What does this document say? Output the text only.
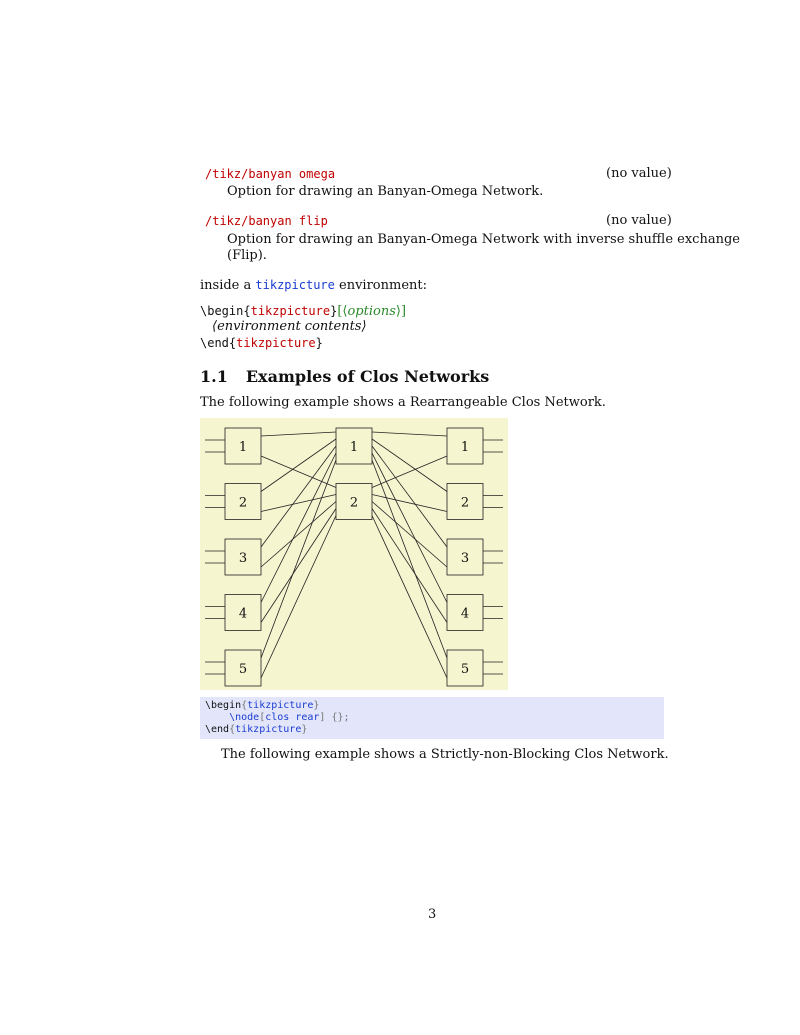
/tikz/banyan omega	(no value)
Option for drawing an Banyan-Omega Network.
/tikz/banyan flip	(no value)
Option for drawing an Banyan-Omega Network with inverse shuffle exchange
(Flip).
inside a tikzpicture environment:
\begin{tikzpicture}[⟨options⟩]
⟨environment contents⟩
\end{tikzpicture}
1.1 Examples of Clos Networks
The following example shows a Rearrangeable Clos Network.
1
2
3
4
5
1
2
1
2
3
4
5
\begin{tikzpicture}
\node[clos rear] {};
\end{tikzpicture}
The following example shows a Strictly-non-Blocking Clos Network.
3
